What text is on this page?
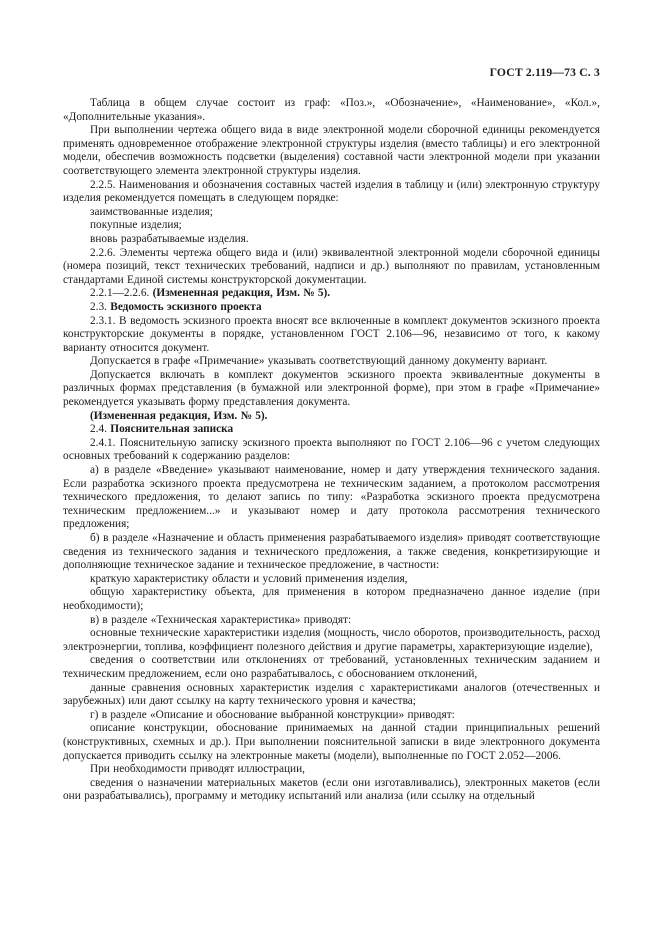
ГОСТ 2.119—73 С. 3

Таблица в общем случае состоит из граф: «Поз.», «Обозначение», «Наименование», «Кол.», «Дополнительные указания».

При выполнении чертежа общего вида в виде электронной модели сборочной единицы рекомендуется применять одновременное отображение электронной структуры изделия (вместо таблицы) и его электронной модели, обеспечив возможность подсветки (выделения) составной части электронной модели при указании соответствующего элемента электронной структуры изделия.

2.2.5. Наименования и обозначения составных частей изделия в таблицу и (или) электронную структуру изделия рекомендуется помещать в следующем порядке:

заимствованные изделия;

покупные изделия;

вновь разрабатываемые изделия.

2.2.6. Элементы чертежа общего вида и (или) эквивалентной электронной модели сборочной единицы (номера позиций, текст технических требований, надписи и др.) выполняют по правилам, установленным стандартами Единой системы конструкторской документации.

2.2.1—2.2.6. (Измененная редакция, Изм. № 5).

2.3. Ведомость эскизного проекта

2.3.1. В ведомость эскизного проекта вносят все включенные в комплект документов эскизного проекта конструкторские документы в порядке, установленном ГОСТ 2.106—96, независимо от того, к какому варианту относится документ.

Допускается в графе «Примечание» указывать соответствующий данному документу вариант.

Допускается включать в комплект документов эскизного проекта эквивалентные документы в различных формах представления (в бумажной или электронной форме), при этом в графе «Примечание» рекомендуется указывать форму представления документа.

(Измененная редакция, Изм. № 5).

2.4. Пояснительная записка

2.4.1. Пояснительную записку эскизного проекта выполняют по ГОСТ 2.106—96 с учетом следующих основных требований к содержанию разделов:

а) в разделе «Введение» указывают наименование, номер и дату утверждения технического задания. Если разработка эскизного проекта предусмотрена не техническим заданием, а протоколом рассмотрения технического предложения, то делают запись по типу: «Разработка эскизного проекта предусмотрена техническим предложением...» и указывают номер и дату протокола рассмотрения технического предложения;

б) в разделе «Назначение и область применения разрабатываемого изделия» приводят соответствующие сведения из технического задания и технического предложения, а также сведения, конкретизирующие и дополняющие техническое задание и техническое предложение, в частности:

краткую характеристику области и условий применения изделия,

общую характеристику объекта, для применения в котором предназначено данное изделие (при необходимости);

в) в разделе «Техническая характеристика» приводят:

основные технические характеристики изделия (мощность, число оборотов, производительность, расход электроэнергии, топлива, коэффициент полезного действия и другие параметры, характеризующие изделие),

сведения о соответствии или отклонениях от требований, установленных техническим заданием и техническим предложением, если оно разрабатывалось, с обоснованием отклонений,

данные сравнения основных характеристик изделия с характеристиками аналогов (отечественных и зарубежных) или дают ссылку на карту технического уровня и качества;

г) в разделе «Описание и обоснование выбранной конструкции» приводят:

описание конструкции, обоснование принимаемых на данной стадии принципиальных решений (конструктивных, схемных и др.). При выполнении пояснительной записки в виде электронного документа допускается приводить ссылку на электронные макеты (модели), выполненные по ГОСТ 2.052—2006.

При необходимости приводят иллюстрации,

сведения о назначении материальных макетов (если они изготавливались), электронных макетов (если они разрабатывались), программу и методику испытаний или анализа (или ссылку на отдельный
